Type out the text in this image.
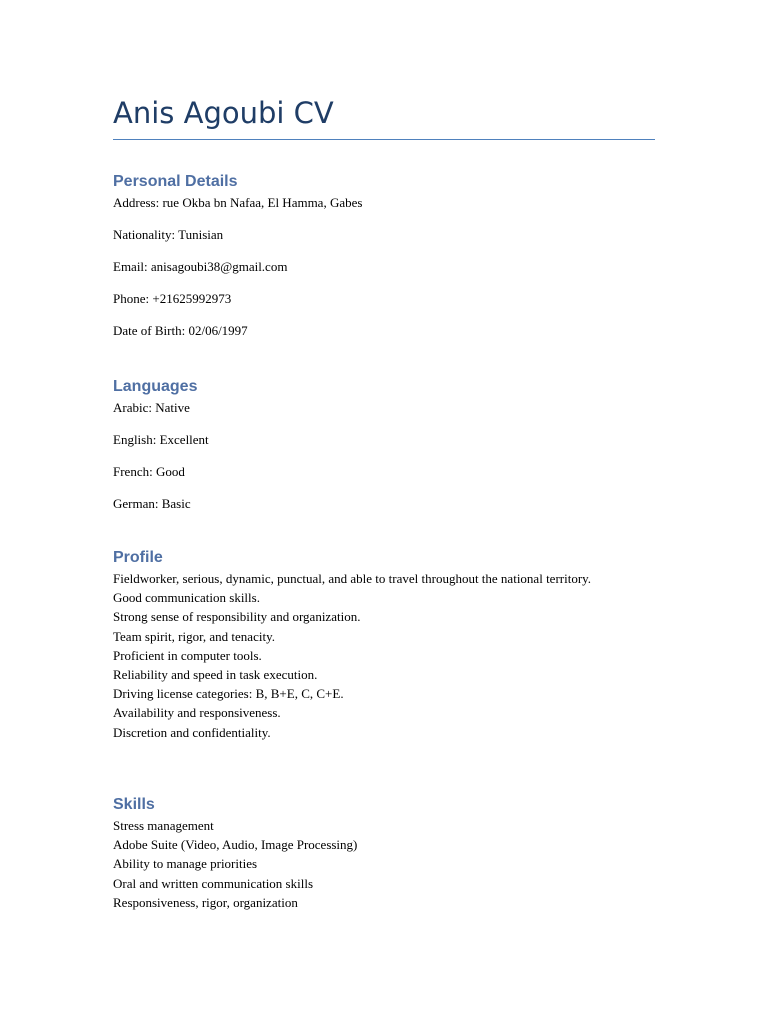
Anis Agoubi CV
Personal Details
Address: rue Okba bn Nafaa, El Hamma, Gabes
Nationality: Tunisian
Email: anisagoubi38@gmail.com
Phone: +21625992973
Date of Birth: 02/06/1997
Languages
Arabic: Native
English: Excellent
French: Good
German: Basic
Profile
Fieldworker, serious, dynamic, punctual, and able to travel throughout the national territory.
Good communication skills.
Strong sense of responsibility and organization.
Team spirit, rigor, and tenacity.
Proficient in computer tools.
Reliability and speed in task execution.
Driving license categories: B, B+E, C, C+E.
Availability and responsiveness.
Discretion and confidentiality.
Skills
Stress management
Adobe Suite (Video, Audio, Image Processing)
Ability to manage priorities
Oral and written communication skills
Responsiveness, rigor, organization
